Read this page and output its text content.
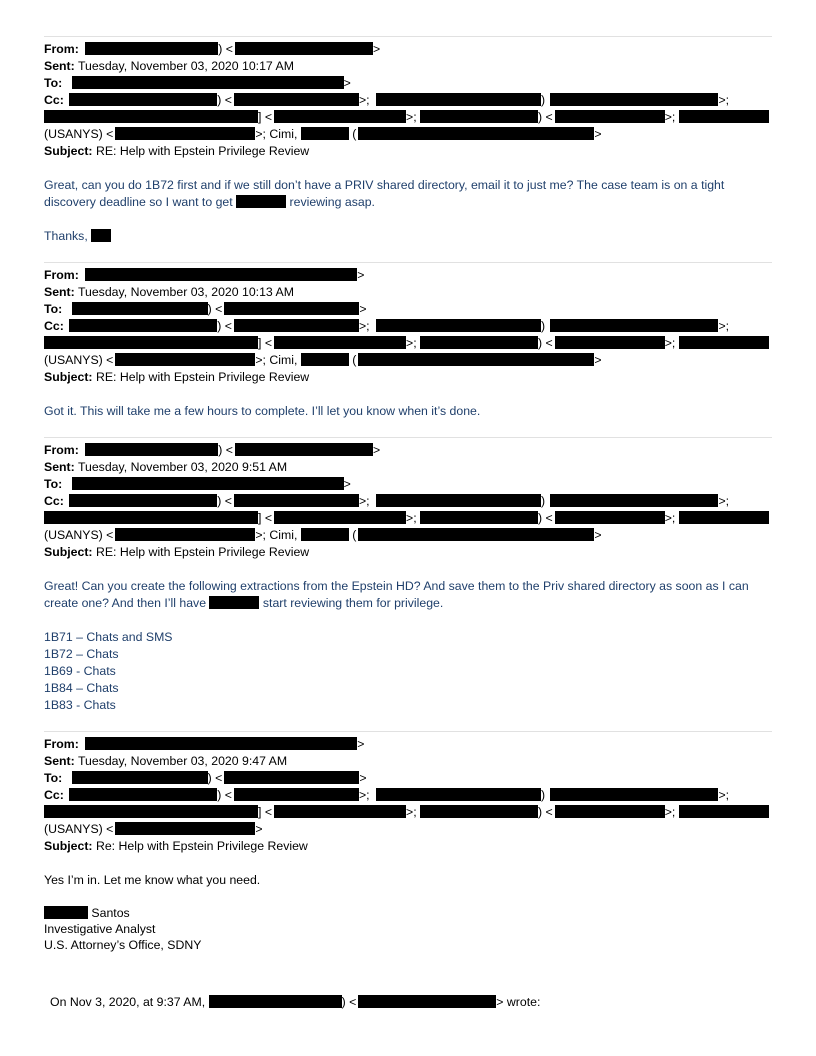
From:	) <	>
Sent: Tuesday, November 03, 2020 10:17 AM
To:	>
Cc:	) <	>;	)	>;
] <	>;	) <	>;
(USANYS) <	>; Cimi,	(	>
Subject: RE: Help with Epstein Privilege Review
Great, can you do 1B72 first and if we still don’t have a PRIV shared directory, email it to just me? The case team is on a tight discovery deadline so I want to get	reviewing asap.
Thanks,
From:	>
Sent: Tuesday, November 03, 2020 10:13 AM
To:	) <	>
Cc:	) <	>;	)	>;
] <	>;	) <	>;
(USANYS) <	>; Cimi,	(	>
Subject: RE: Help with Epstein Privilege Review
Got it. This will take me a few hours to complete. I’ll let you know when it’s done.
From:	) <	>
Sent: Tuesday, November 03, 2020 9:51 AM
To:	>
Cc:	) <	>;	)	>;
] <	>;	) <	>;
(USANYS) <	>; Cimi,	(	>
Subject: RE: Help with Epstein Privilege Review
Great! Can you create the following extractions from the Epstein HD? And save them to the Priv shared directory as soon as I can
create one? And then I’ll have	start reviewing them for privilege.
1B71 – Chats and SMS
1B72 – Chats
1B69 - Chats
1B84 – Chats
1B83 - Chats
From:	>
Sent: Tuesday, November 03, 2020 9:47 AM
To:	) <	>
Cc:	) <	>;	)	>;
] <	>;	) <	>;
(USANYS) <	>
Subject: Re: Help with Epstein Privilege Review
Yes I’m in. Let me know what you need.
Santos
Investigative Analyst
U.S. Attorney’s Office, SDNY
On Nov 3, 2020, at 9:37 AM,	) <	> wrote:
